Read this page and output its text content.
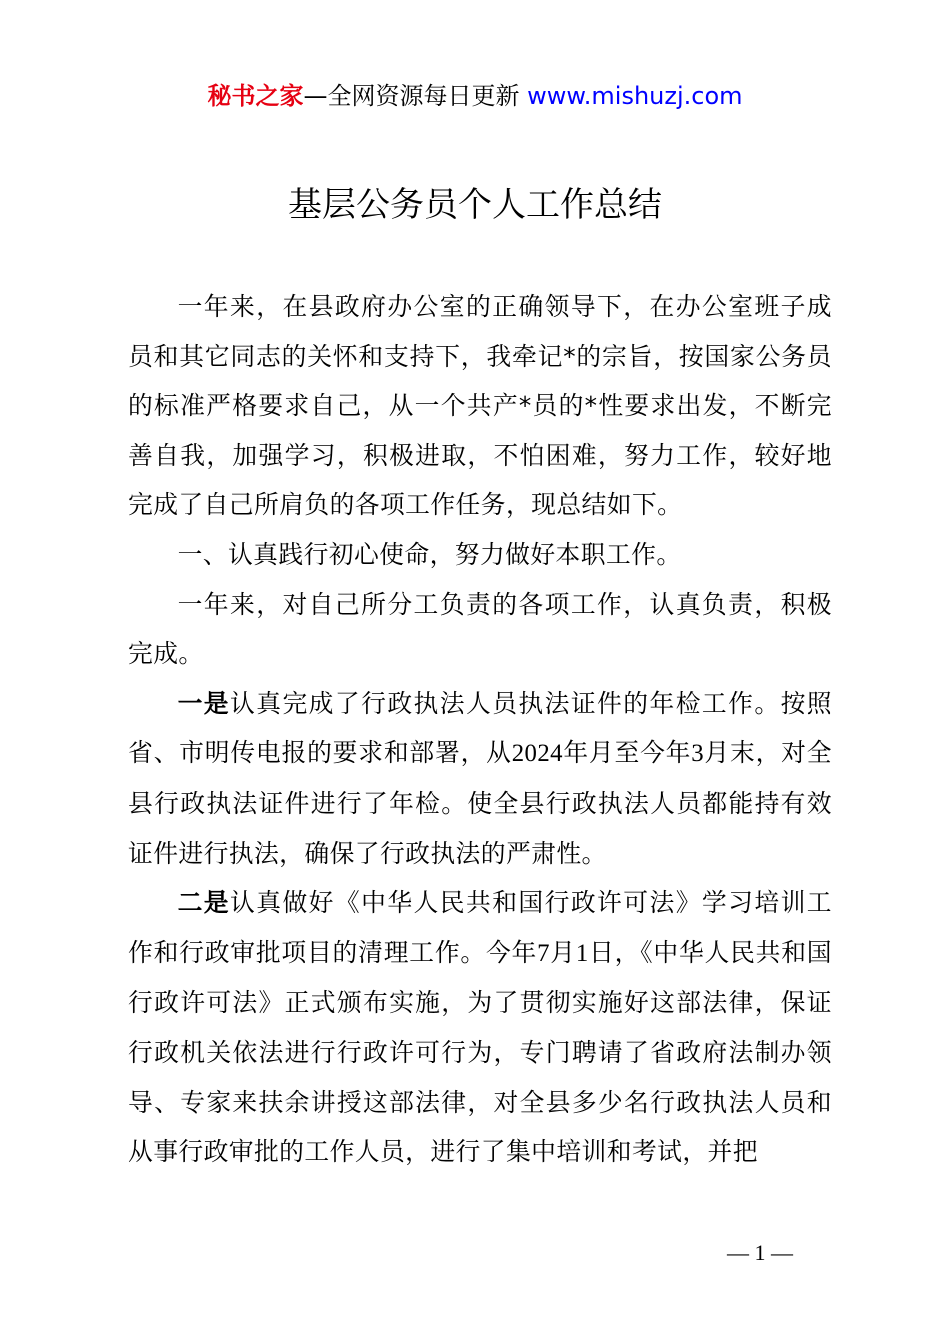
秘书之家—全网资源每日更新 www.mishuzj.com
基层公务员个人工作总结

一年来，在县政府办公室的正确领导下，在办公室班子成员和其它同志的关怀和支持下，我牵记*的宗旨，按国家公务员的标准严格要求自己，从一个共产*员的*性要求出发，不断完善自我，加强学习，积极进取，不怕困难，努力工作，较好地完成了自己所肩负的各项工作任务，现总结如下。

一、认真践行初心使命，努力做好本职工作。

一年来，对自己所分工负责的各项工作，认真负责，积极完成。

一是认真完成了行政执法人员执法证件的年检工作。按照省、市明传电报的要求和部署，从2024年月至今年3月末，对全县行政执法证件进行了年检。使全县行政执法人员都能持有效证件进行执法，确保了行政执法的严肃性。

二是认真做好《中华人民共和国行政许可法》学习培训工作和行政审批项目的清理工作。今年7月1日，《中华人民共和国行政许可法》正式颁布实施，为了贯彻实施好这部法律，保证行政机关依法进行行政许可行为，专门聘请了省政府法制办领导、专家来扶余讲授这部法律，对全县多少名行政执法人员和从事行政审批的工作人员，进行了集中培训和考试，并把

— 1 —
